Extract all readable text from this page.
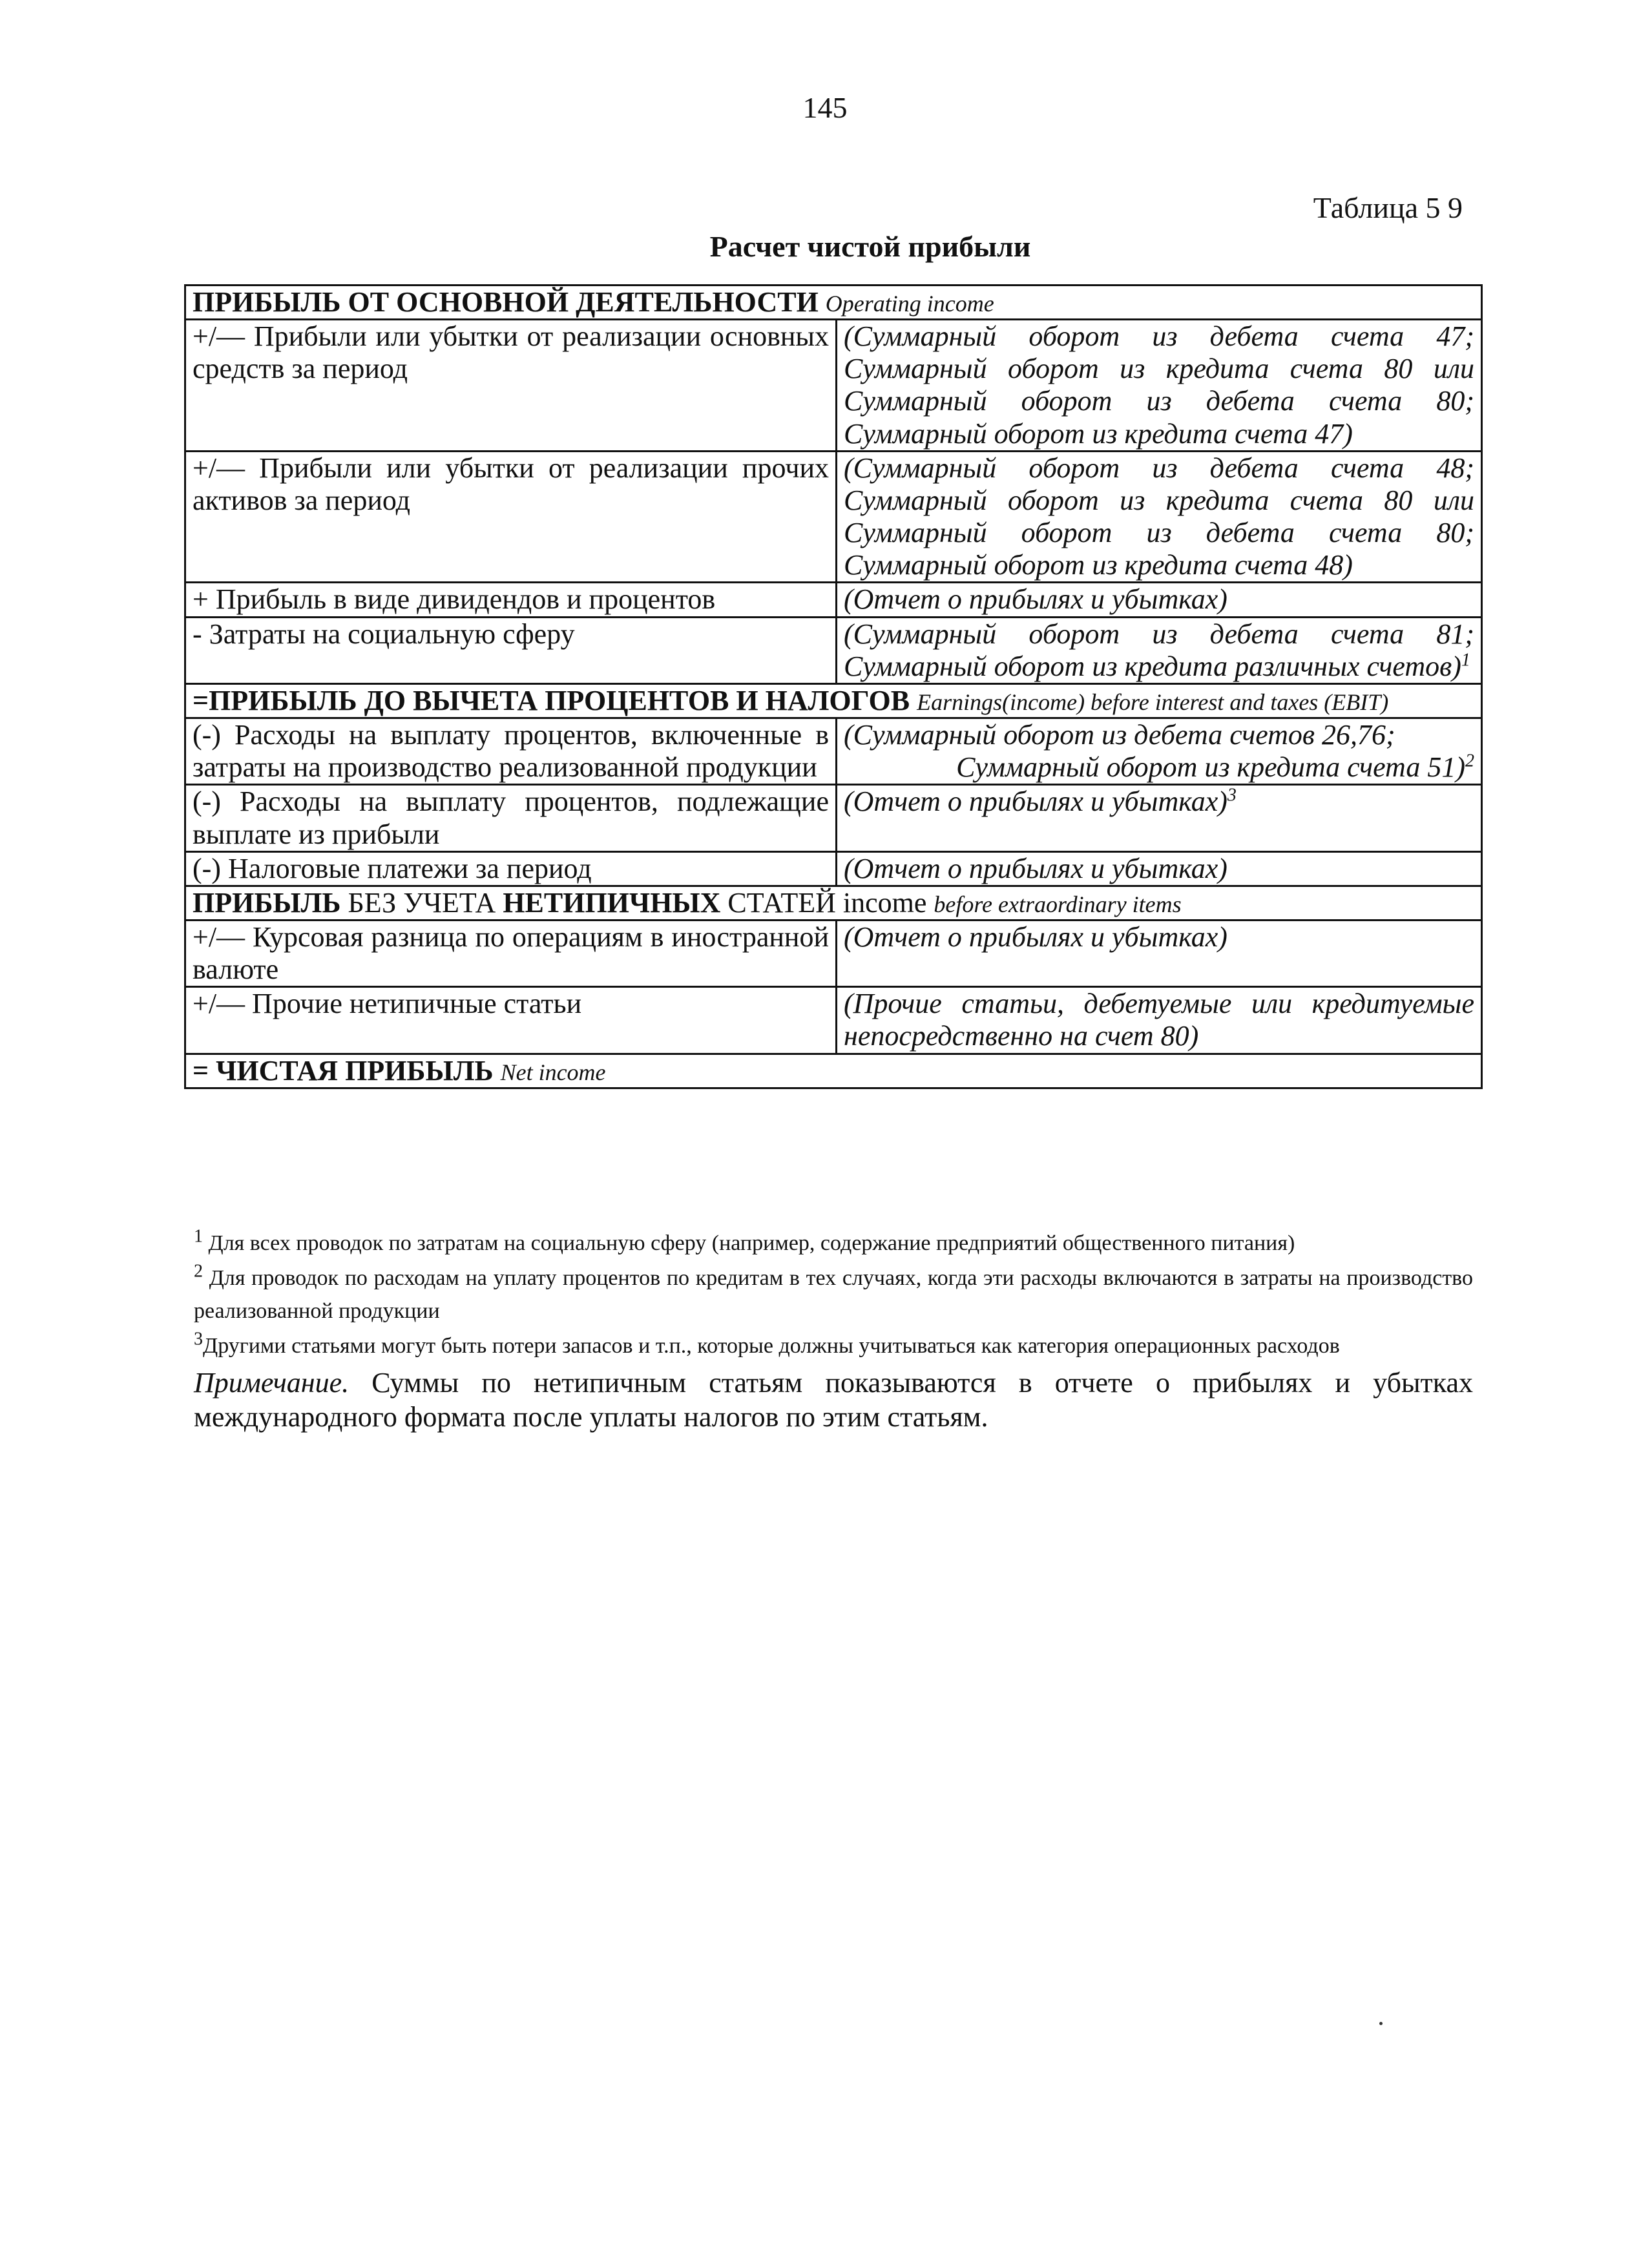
145
Таблица 5 9
Расчет чистой прибыли
ПРИБЫЛЬ ОТ ОСНОВНОЙ ДЕЯТЕЛЬНОСТИ Operating income	
+/— Прибыли или убытки от реализации основных средств за период	(Суммарный оборот из дебета счета 47; Суммарный оборот из кредита счета 80 или Суммарный оборот из дебета счета 80; Суммарный оборот из кредита счета 47)
+/— Прибыли или убытки от реализации прочих активов за период	(Суммарный оборот из дебета счета 48; Суммарный оборот из кредита счета 80 или Суммарный оборот из дебета счета 80; Суммарный оборот из кредита счета 48)
+ Прибыль в виде дивидендов и процентов	(Отчет о прибылях и убытках)
- Затраты на социальную сферу	(Суммарный оборот из дебета счета 81; Суммарный оборот из кредита различных счетов)$^1$
=ПРИБЫЛЬ ДО ВЫЧЕТА ПРОЦЕНТОВ И НАЛОГОВ Earnings(income) before interest and taxes (EBIT)	
(-) Расходы на выплату процентов, включенные в затраты на производство реализованной продукции	(Суммарный оборот из дебета счетов 26,76;
Суммарный оборот из кредита счета 51)$^2$

(-) Расходы на выплату процентов, подлежащие выплате из прибыли	(Отчет о прибылях и убытках)$^3$
(-) Налоговые платежи за период	(Отчет о прибылях и убытках)
ПРИБЫЛЬ БЕЗ УЧЕТА НЕТИПИЧНЫХ СТАТЕЙ income before extraordinary items	
+/— Курсовая разница по операциям в иностранной валюте	(Отчет о прибылях и убытках)
+/— Прочие нетипичные статьи	(Прочие статьи, дебетуемые или кредитуемые непосредственно на счет 80)
= ЧИСТАЯ ПРИБЫЛЬ Net income	

$^1$ Для всех проводок по затратам на социальную сферу (например, содержание предприятий общественного питания)

$^2$ Для проводок по расходам на уплату процентов по кредитам в тех случаях, когда эти расходы включаются в затраты на производство реализованной продукции

$^3$Другими статьями могут быть потери запасов и т.п., которые должны учитываться как категория операционных расходов

Примечание. Суммы по нетипичным статьям показываются в отчете о прибылях и убытках международного формата после уплаты налогов по этим статьям.
